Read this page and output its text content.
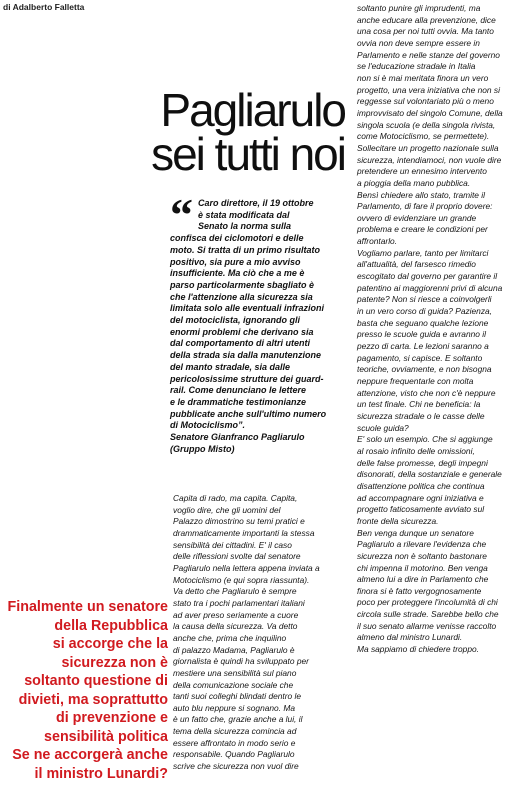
di Adalberto Falletta
Pagliarulo
sei tutti noi
“ Caro direttore, il 19 ottobre
è stata modificata dal
Senato la norma sulla
confisca dei ciclomotori e delle
moto. Si tratta di un primo risultato
positivo, sia pure a mio avviso
insufficiente. Ma ciò che a me è
parso particolarmente sbagliato è
che l'attenzione alla sicurezza sia
limitata solo alle eventuali infrazioni
del motociclista, ignorando gli
enormi problemi che derivano sia
dal comportamento di altri utenti
della strada sia dalla manutenzione
del manto stradale, sia dalle
pericolosissime strutture dei guard-
rail. Come denunciano le lettere
e le drammatiche testimonianze
pubblicate anche sull'ultimo numero
di Motociclismo”.
Senatore Gianfranco Pagliarulo
(Gruppo Misto)
Capita di rado, ma capita. Capita,
voglio dire, che gli uomini del
Palazzo dimostrino su temi pratici e
drammaticamente importanti la stessa
sensibilità dei cittadini. E' il caso
delle riflessioni svolte dal senatore
Pagliarulo nella lettera appena inviata a
Motociclismo (e qui sopra riassunta).
Va detto che Pagliarulo è sempre
stato tra i pochi parlamentari italiani
ad aver preso seriamente a cuore
la causa della sicurezza. Va detto
anche che, prima che inquilino
di palazzo Madama, Pagliarulo è
giornalista è quindi ha sviluppato per
mestiere una sensibilità sul piano
della comunicazione sociale che
tanti suoi colleghi blindati dentro le
auto blu neppure si sognano. Ma
è un fatto che, grazie anche a lui, il
tema della sicurezza comincia ad
essere affrontato in modo serio e
responsabile. Quando Pagliarulo
scrive che sicurezza non vuol dire
soltanto punire gli imprudenti, ma
anche educare alla prevenzione, dice
una cosa per noi tutti ovvia. Ma tanto
ovvia non deve sempre essere in
Parlamento e nelle stanze del governo
se l'educazione stradale in Italia
non si è mai meritata finora un vero
progetto, una vera iniziativa che non si
reggesse sul volontariato più o meno
improvvisato del singolo Comune, della
singola scuola (e della singola rivista,
come Motociclismo, se permettete).
Sollecitare un progetto nazionale sulla
sicurezza, intendiamoci, non vuole dire
pretendere un ennesimo intervento
a pioggia della mano pubblica.
Bensì chiedere allo stato, tramite il
Parlamento, di fare il proprio dovere:
ovvero di evidenziare un grande
problema e creare le condizioni per
affrontarlo.
Vogliamo parlare, tanto per limitarci
all'attualità, del farsesco rimedio
escogitato dal governo per garantire il
patentino ai maggiorenni privi di alcuna
patente? Non si riesce a coinvolgerli
in un vero corso di guida? Pazienza,
basta che seguano qualche lezione
presso le scuole guida e avranno il
pezzo di carta. Le lezioni saranno a
pagamento, si capisce. E soltanto
teoriche, ovviamente, e non bisogna
neppure frequentarle con molta
attenzione, visto che non c'è neppure
un test finale. Chi ne beneficia: la
sicurezza stradale o le casse delle
scuole guida?
E' solo un esempio. Che si aggiunge
al rosaio infinito delle omissioni,
delle false promesse, degli impegni
disonorati, della sostanziale e generale
disattenzione politica che continua
ad accompagnare ogni iniziativa e
progetto faticosamente avviato sul
fronte della sicurezza.
Ben venga dunque un senatore
Pagliarulo a rilevare l'evidenza che
sicurezza non è soltanto bastonare
chi impenna il motorino. Ben venga
almeno lui a dire in Parlamento che
finora si è fatto vergognosamente
poco per proteggere l'incolumità di chi
circola sulle strade. Sarebbe bello che
il suo senato allarme venisse raccolto
almeno dal ministro Lunardi.
Ma sappiamo di chiedere troppo.
Finalmente un senatore
della Repubblica
si accorge che la
sicurezza non è
soltanto questione di
divieti, ma soprattutto
di prevenzione e
sensibilità politica
Se ne accorgerà anche
il ministro Lunardi?
